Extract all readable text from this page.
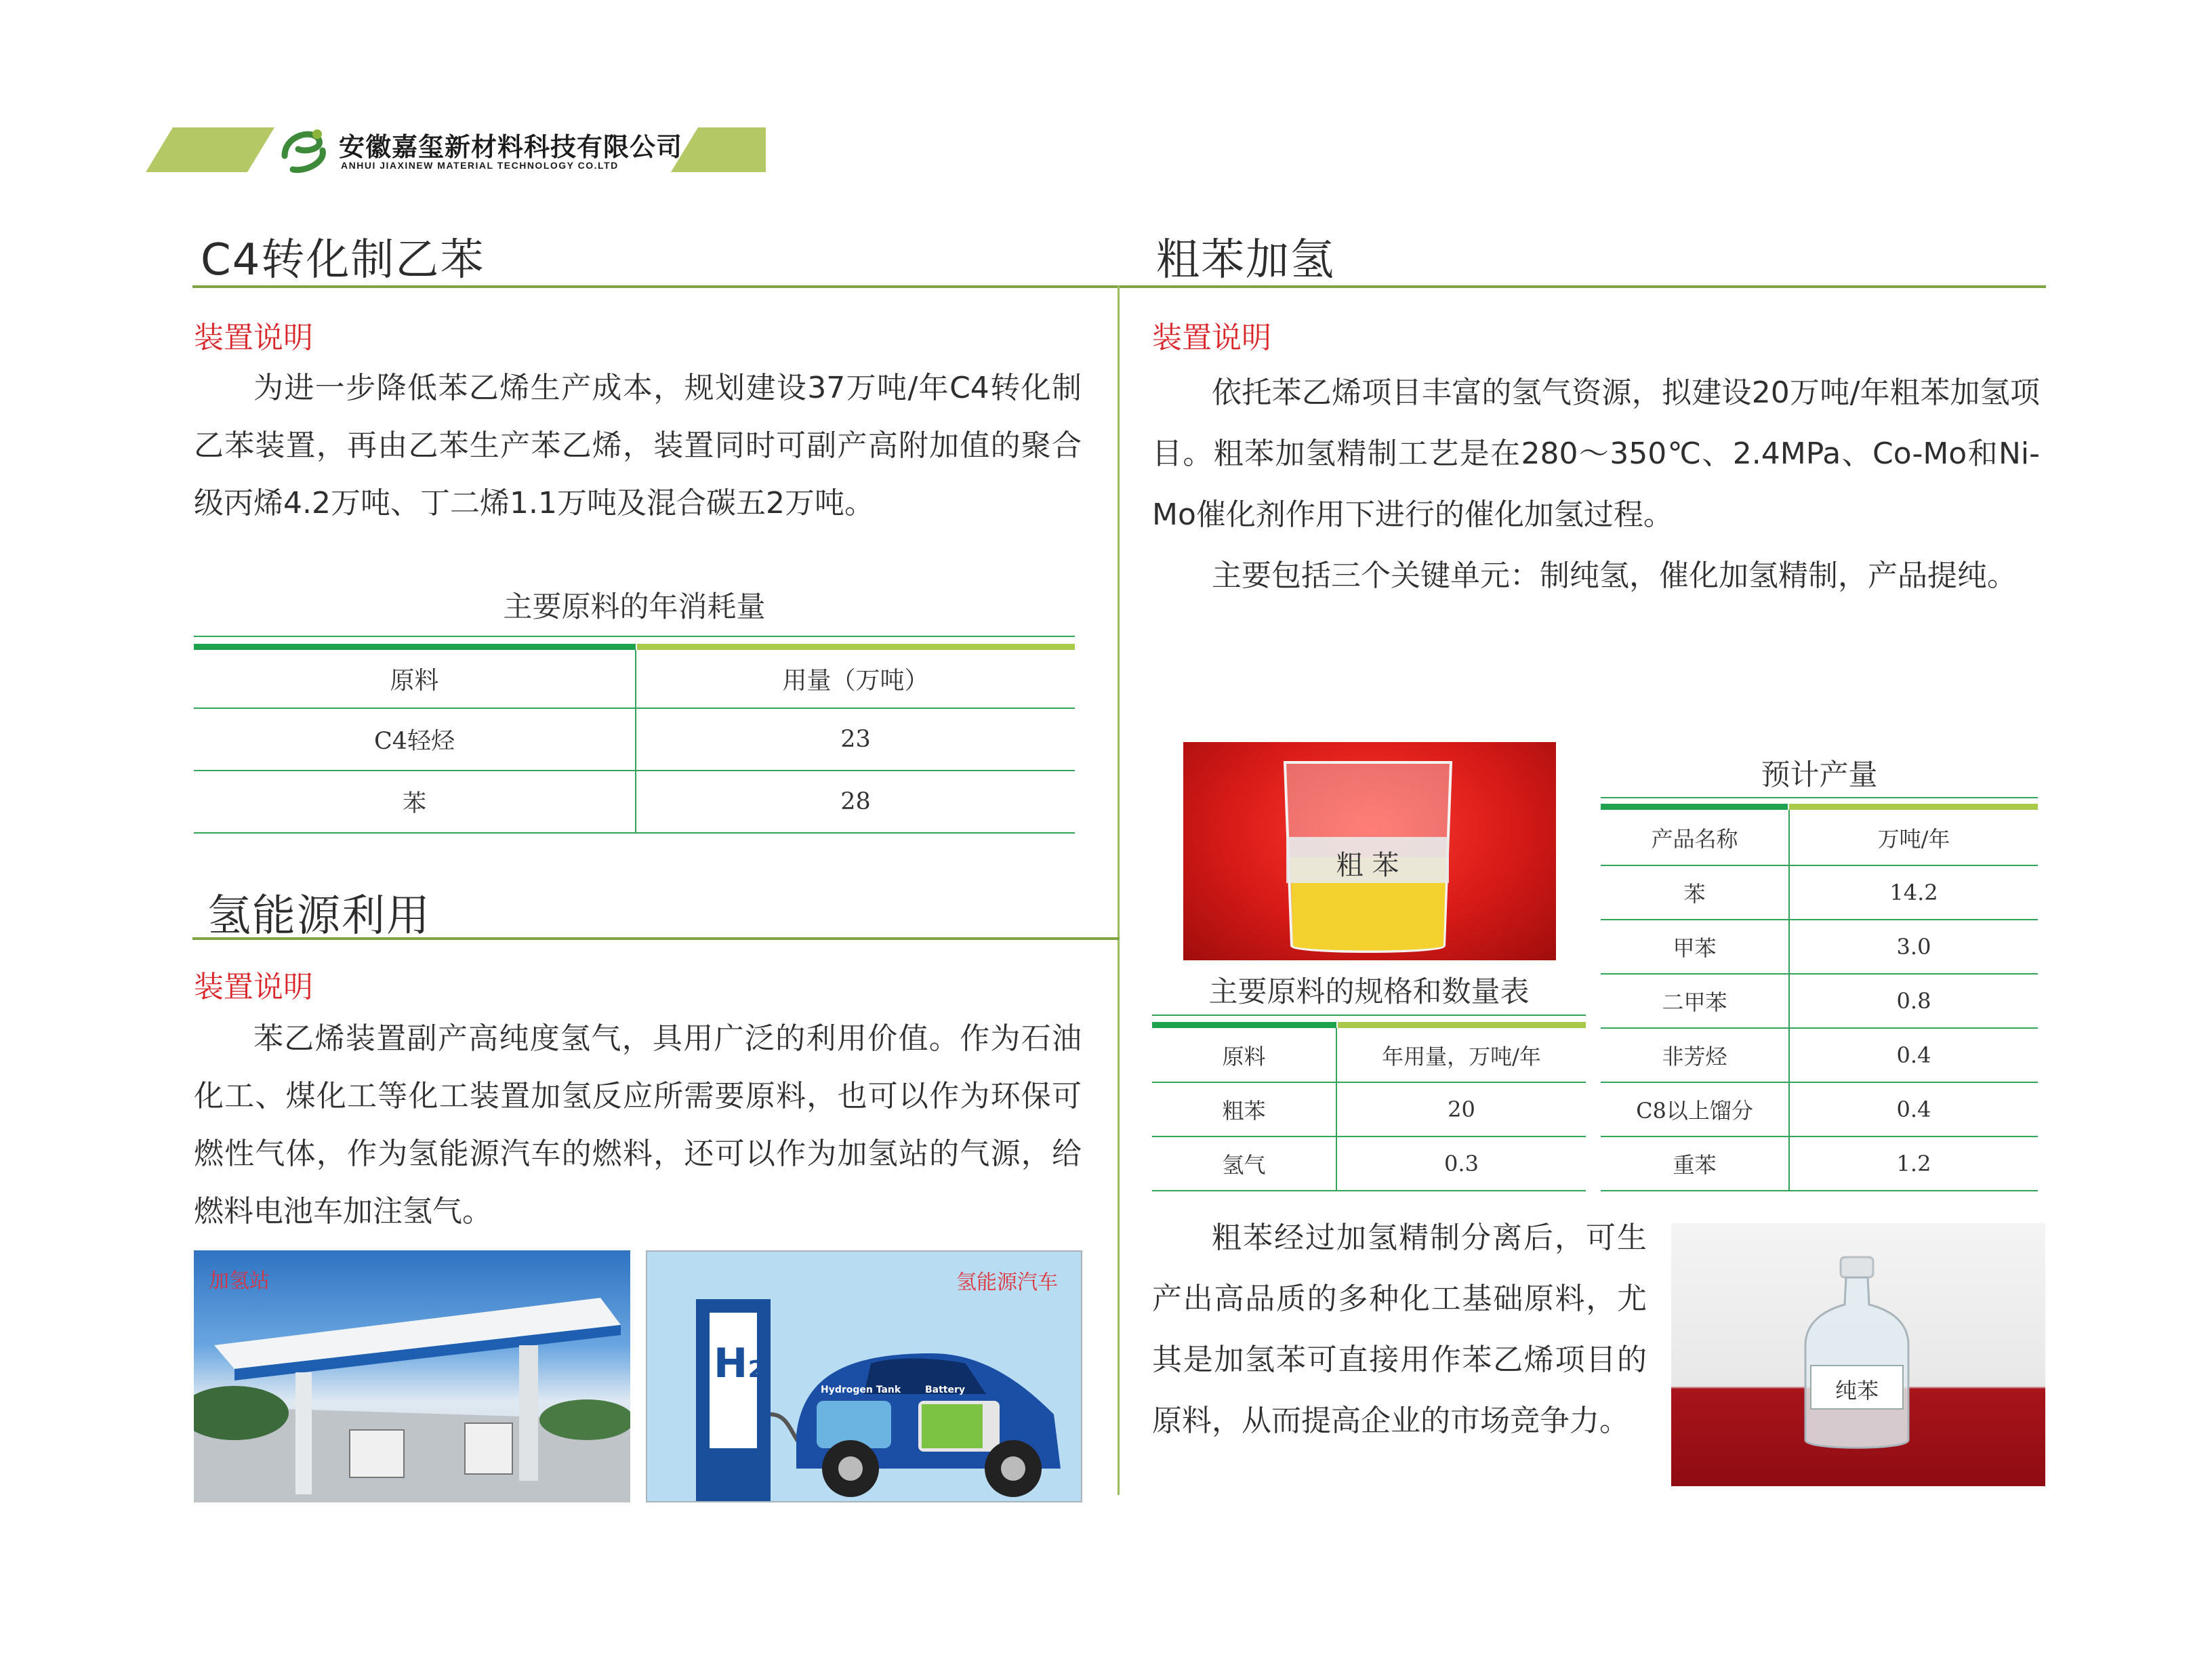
安徽嘉玺新材料科技有限公司
ANHUI JIAXINEW MATERIAL TECHNOLOGY CO.LTD
C4转化制乙苯
装置说明

为进一步降低苯乙烯生产成本，规划建设37万吨/年C4转化制乙苯装置，再由乙苯生产苯乙烯，装置同时可副产高附加值的聚合级丙烯4.2万吨、丁二烯1.1万吨及混合碳五2万吨。

主要原料的年消耗量
原料	用量（万吨）
C4轻烃	23
苯	28
氢能源利用
装置说明

苯乙烯装置副产高纯度氢气，具用广泛的利用价值。作为石油化工、煤化工等化工装置加氢反应所需要原料，也可以作为环保可燃性气体，作为氢能源汽车的燃料，还可以作为加氢站的气源，给燃料电池车加注氢气。

加氢站
H₂
Hydrogen Tank	Battery
氢能源汽车
粗苯加氢
装置说明

依托苯乙烯项目丰富的氢气资源，拟建设20万吨/年粗苯加氢项目。粗苯加氢精制工艺是在280～350℃、2.4MPa、Co-Mo和Ni-Mo催化剂作用下进行的催化加氢过程。

主要包括三个关键单元：制纯氢，催化加氢精制，产品提纯。

粗 苯
主要原料的规格和数量表
原料	年用量，万吨/年
粗苯	20
氢气	0.3
预计产量
产品名称	万吨/年
苯	14.2
甲苯	3.0
二甲苯	0.8
非芳烃	0.4
C8以上馏分	0.4
重苯	1.2

粗苯经过加氢精制分离后，可生产出高品质的多种化工基础原料，尤其是加氢苯可直接用作苯乙烯项目的原料，从而提高企业的市场竞争力。

纯苯
